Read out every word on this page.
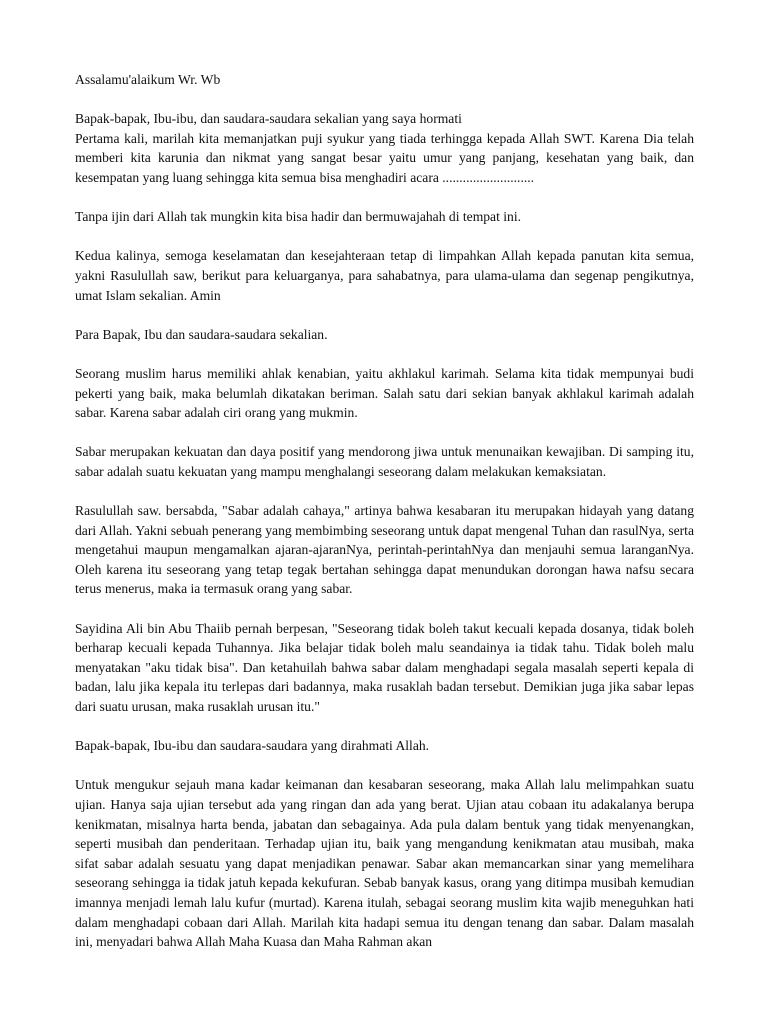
Assalamu'alaikum Wr. Wb

Bapak-bapak, Ibu-ibu, dan saudara-saudara sekalian yang saya hormati

Pertama kali, marilah kita memanjatkan puji syukur yang tiada terhingga kepada Allah SWT. Karena Dia telah memberi kita karunia dan nikmat yang sangat besar yaitu umur yang panjang, kesehatan yang baik, dan kesempatan yang luang sehingga kita semua bisa menghadiri acara ...........................

Tanpa ijin dari Allah tak mungkin kita bisa hadir dan bermuwajahah di tempat ini.

Kedua kalinya, semoga keselamatan dan kesejahteraan tetap di limpahkan Allah kepada panutan kita semua, yakni Rasulullah saw, berikut para keluarganya, para sahabatnya, para ulama-ulama dan segenap pengikutnya, umat Islam sekalian. Amin

Para Bapak, Ibu dan saudara-saudara sekalian.

Seorang muslim harus memiliki ahlak kenabian, yaitu akhlakul karimah. Selama kita tidak mempunyai budi pekerti yang baik, maka belumlah dikatakan beriman. Salah satu dari sekian banyak akhlakul karimah adalah sabar. Karena sabar adalah ciri orang yang mukmin.

Sabar merupakan kekuatan dan daya positif yang mendorong jiwa untuk menunaikan kewajiban. Di samping itu, sabar adalah suatu kekuatan yang mampu menghalangi seseorang dalam melakukan kemaksiatan.

Rasulullah saw. bersabda, "Sabar adalah cahaya," artinya bahwa kesabaran itu merupakan hidayah yang datang dari Allah. Yakni sebuah penerang yang membimbing seseorang untuk dapat mengenal Tuhan dan rasulNya, serta mengetahui maupun mengamalkan ajaran-ajaranNya, perintah-perintahNya dan menjauhi semua laranganNya. Oleh karena itu seseorang yang tetap tegak bertahan sehingga dapat menundukan dorongan hawa nafsu secara terus menerus, maka ia termasuk orang yang sabar.

Sayidina Ali bin Abu Thaiib pernah berpesan, "Seseorang tidak boleh takut kecuali kepada dosanya, tidak boleh berharap kecuali kepada Tuhannya. Jika belajar tidak boleh malu seandainya ia tidak tahu. Tidak boleh malu menyatakan "aku tidak bisa". Dan ketahuilah bahwa sabar dalam menghadapi segala masalah seperti kepala di badan, lalu jika kepala itu terlepas dari badannya, maka rusaklah badan tersebut. Demikian juga jika sabar lepas dari suatu urusan, maka rusaklah urusan itu."

Bapak-bapak, Ibu-ibu dan saudara-saudara yang dirahmati Allah.

Untuk mengukur sejauh mana kadar keimanan dan kesabaran seseorang, maka Allah lalu melimpahkan suatu ujian. Hanya saja ujian tersebut ada yang ringan dan ada yang berat. Ujian atau cobaan itu adakalanya berupa kenikmatan, misalnya harta benda, jabatan dan sebagainya. Ada pula dalam bentuk yang tidak menyenangkan, seperti musibah dan penderitaan. Terhadap ujian itu, baik yang mengandung kenikmatan atau musibah, maka sifat sabar adalah sesuatu yang dapat menjadikan penawar. Sabar akan memancarkan sinar yang memelihara seseorang sehingga ia tidak jatuh kepada kekufuran. Sebab banyak kasus, orang yang ditimpa musibah kemudian imannya menjadi lemah lalu kufur (murtad). Karena itulah, sebagai seorang muslim kita wajib meneguhkan hati dalam menghadapi cobaan dari Allah. Marilah kita hadapi semua itu dengan tenang dan sabar. Dalam masalah ini, menyadari bahwa Allah Maha Kuasa dan Maha Rahman akan
